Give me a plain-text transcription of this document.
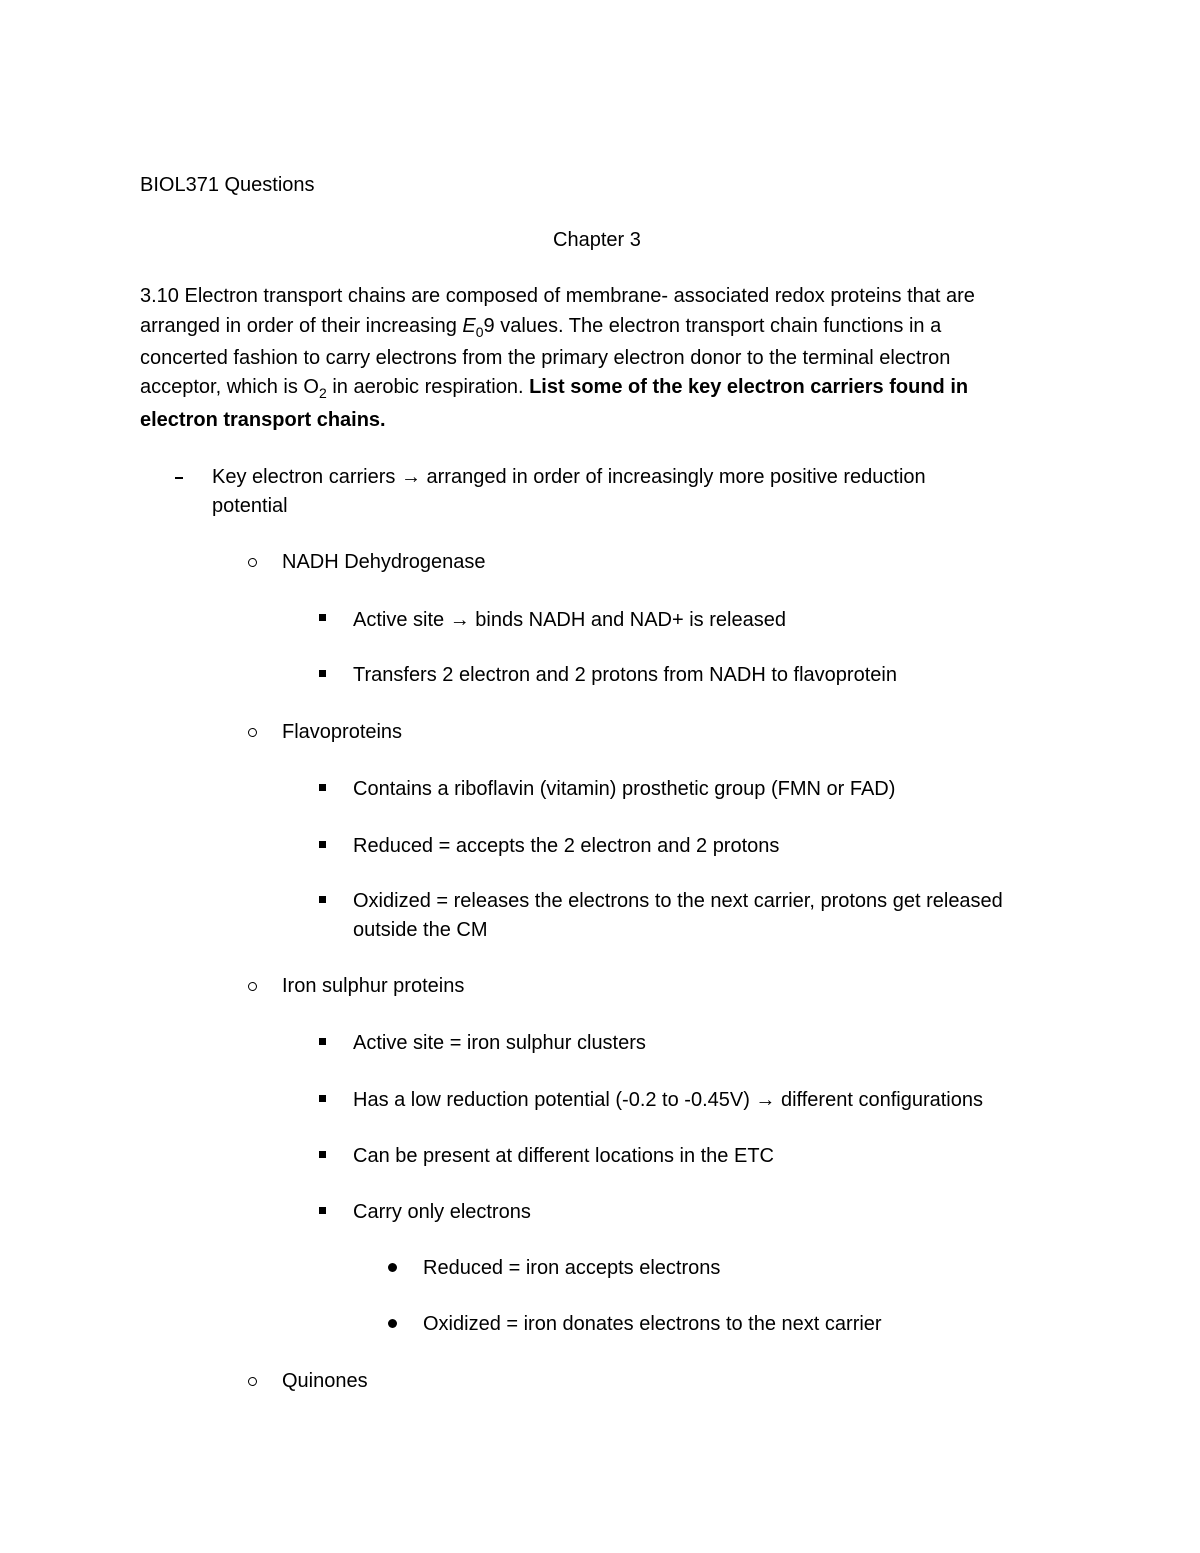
BIOL371 Questions
Chapter 3
3.10 Electron transport chains are composed of membrane- associated redox proteins that are
arranged in order of their increasing $E_09$ values. The electron transport chain functions in a
concerted fashion to carry electrons from the primary electron donor to the terminal electron
acceptor, which is $O_2$ in aerobic respiration. List some of the key electron carriers found in
electron transport chains.
Key electron carriers → arranged in order of increasingly more positive reduction
potential
NADH Dehydrogenase
Active site → binds NADH and NAD+ is released
Transfers 2 electron and 2 protons from NADH to flavoprotein
Flavoproteins
Contains a riboflavin (vitamin) prosthetic group (FMN or FAD)
Reduced = accepts the 2 electron and 2 protons
Oxidized = releases the electrons to the next carrier, protons get released
outside the CM
Iron sulphur proteins
Active site = iron sulphur clusters
Has a low reduction potential (-0.2 to -0.45V) → different configurations
Can be present at different locations in the ETC
Carry only electrons
Reduced = iron accepts electrons
Oxidized = iron donates electrons to the next carrier
Quinones
